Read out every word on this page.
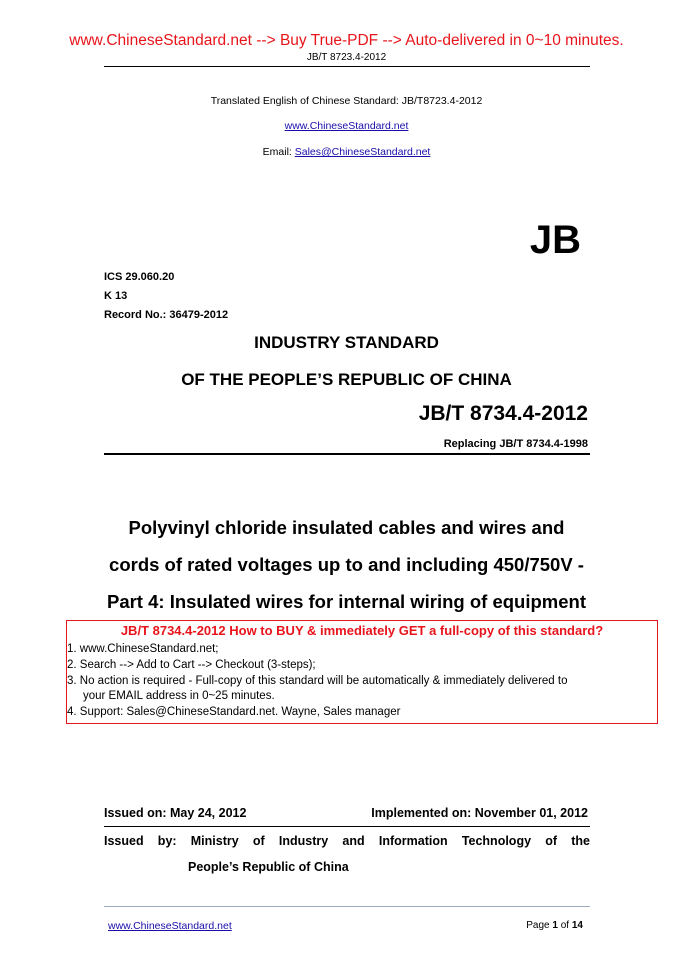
www.ChineseStandard.net --> Buy True-PDF --> Auto-delivered in 0~10 minutes.
JB/T 8723.4-2012
Translated English of Chinese Standard: JB/T8723.4-2012
www.ChineseStandard.net
Email: Sales@ChineseStandard.net
JB
ICS 29.060.20
K 13
Record No.: 36479-2012
INDUSTRY STANDARD
OF THE PEOPLE’S REPUBLIC OF CHINA
JB/T 8734.4-2012
Replacing JB/T 8734.4-1998
Polyvinyl chloride insulated cables and wires and
cords of rated voltages up to and including 450/750V -
Part 4: Insulated wires for internal wiring of equipment
JB/T 8734.4-2012 How to BUY & immediately GET a full-copy of this standard?
1. www.ChineseStandard.net;
2. Search --> Add to Cart --> Checkout (3-steps);
3. No action is required - Full-copy of this standard will be automatically & immediately delivered to
your EMAIL address in 0~25 minutes.
4. Support: Sales@ChineseStandard.net. Wayne, Sales manager
Issued on: May 24, 2012	Implemented on: November 01, 2012
Issued by: Ministry of Industry and Information Technology of the
People’s Republic of China
www.ChineseStandard.net	Page 1 of 14
